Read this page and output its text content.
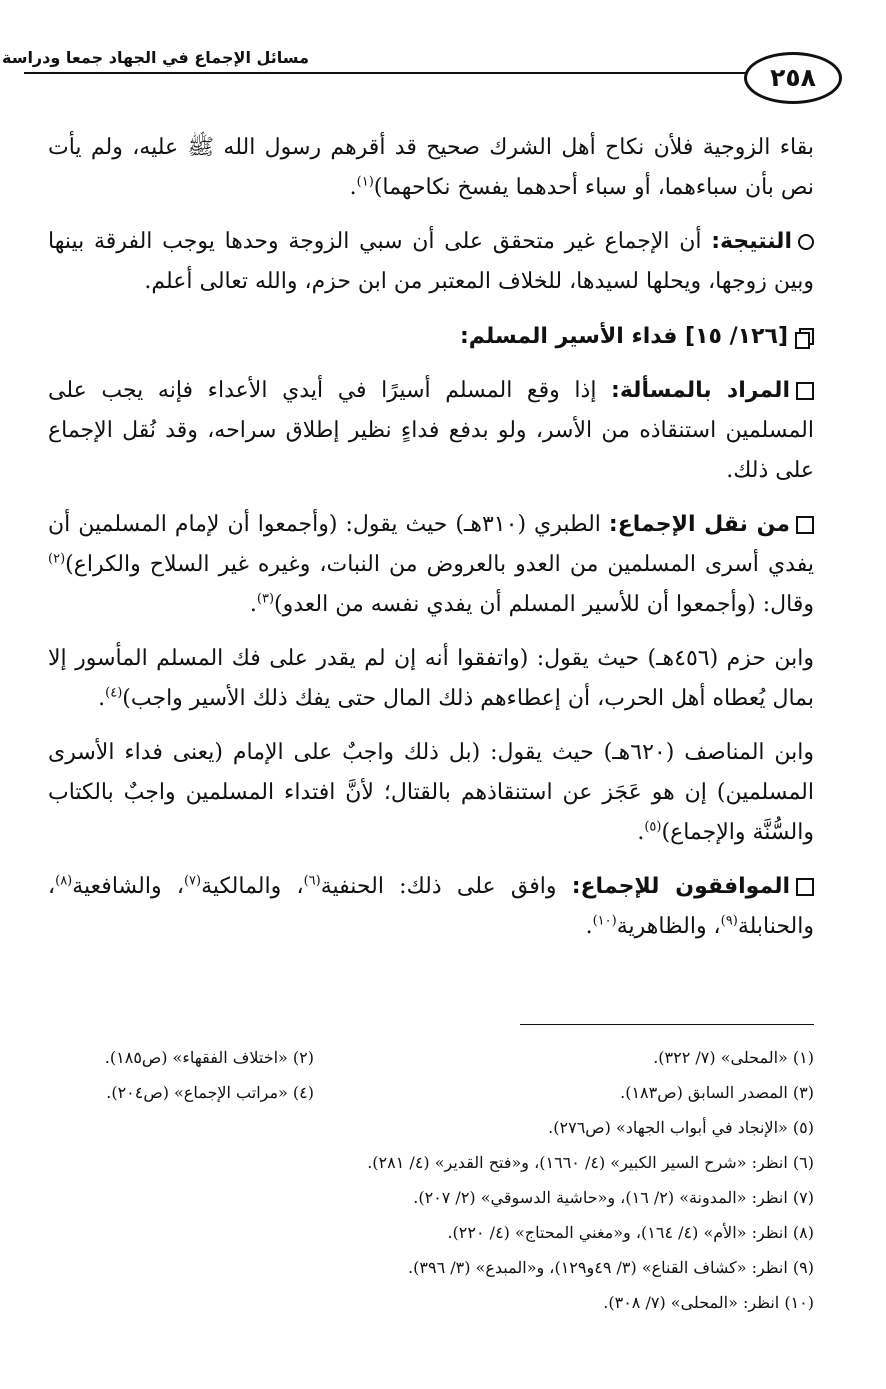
مسائل الإجماع في الجهاد جمعا ودراسة
٢٥٨

بقاء الزوجية فلأن نكاح أهل الشرك صحيح قد أقرهم رسول الله ﷺ عليه، ولم يأت نص بأن سباءهما، أو سباء أحدهما يفسخ نكاحهما)$^{(١)}$.

النتيجة: أن الإجماع غير متحقق على أن سبي الزوجة وحدها يوجب الفرقة بينها وبين زوجها، ويحلها لسيدها، للخلاف المعتبر من ابن حزم، والله تعالى أعلم.

[١٢٦/ ١٥] فداء الأسير المسلم:

المراد بالمسألة: إذا وقع المسلم أسيرًا في أيدي الأعداء فإنه يجب على المسلمين استنقاذه من الأسر، ولو بدفع فداءٍ نظير إطلاق سراحه، وقد نُقل الإجماع على ذلك.

من نقل الإجماع: الطبري (٣١٠هـ) حيث يقول: (وأجمعوا أن لإمام المسلمين أن يفدي أسرى المسلمين من العدو بالعروض من النبات، وغيره غير السلاح والكراع)$^{(٢)}$ وقال: (وأجمعوا أن للأسير المسلم أن يفدي نفسه من العدو)$^{(٣)}$.

وابن حزم (٤٥٦هـ) حيث يقول: (واتفقوا أنه إن لم يقدر على فك المسلم المأسور إلا بمال يُعطاه أهل الحرب، أن إعطاءهم ذلك المال حتى يفك ذلك الأسير واجب)$^{(٤)}$.

وابن المناصف (٦٢٠هـ) حيث يقول: (بل ذلك واجبٌ على الإمام (يعنى فداء الأسرى المسلمين) إن هو عَجَز عن استنقاذهم بالقتال؛ لأنَّ افتداء المسلمين واجبٌ بالكتاب والسُّنَّة والإجماع)$^{(٥)}$.

الموافقون للإجماع: وافق على ذلك: الحنفية$^{(٦)}$، والمالكية$^{(٧)}$، والشافعية$^{(٨)}$، والحنابلة$^{(٩)}$، والظاهرية$^{(١٠)}$.

(١) «المحلى» (٧/ ٣٢٢).
(٢) «اختلاف الفقهاء» (ص١٨٥).
(٣) المصدر السابق (ص١٨٣).
(٤) «مراتب الإجماع» (ص٢٠٤).
(٥) «الإنجاد في أبواب الجهاد» (ص٢٧٦).
(٦) انظر: «شرح السير الكبير» (٤/ ١٦٦٠)، و«فتح القدير» (٤/ ٢٨١).
(٧) انظر: «المدونة» (٢/ ١٦)، و«حاشية الدسوقي» (٢/ ٢٠٧).
(٨) انظر: «الأم» (٤/ ١٦٤)، و«مغني المحتاج» (٤/ ٢٢٠).
(٩) انظر: «كشاف القناع» (٣/ ٤٩و١٢٩)، و«المبدع» (٣/ ٣٩٦).
(١٠) انظر: «المحلى» (٧/ ٣٠٨).
